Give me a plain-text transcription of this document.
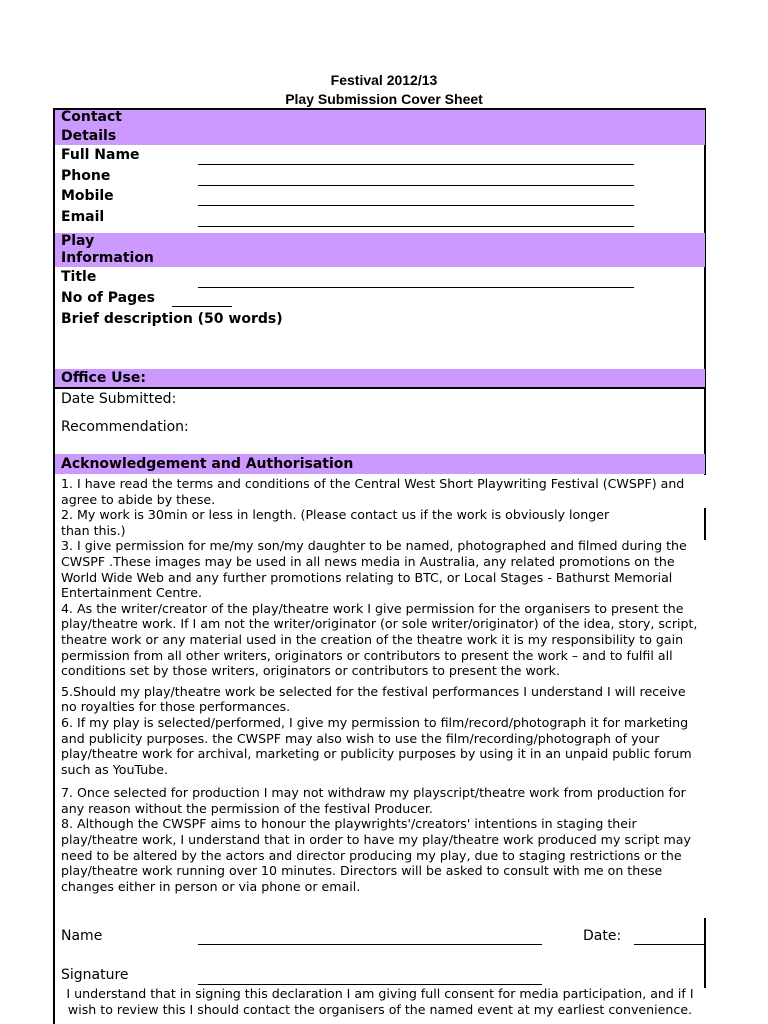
Festival 2012/13
Play Submission Cover Sheet
Contact
Details
Full Name
Phone
Mobile
Email
Play
Information
Title
No of Pages
Brief description (50 words)
Office Use:
Date Submitted:
Recommendation:
Acknowledgement and Authorisation

1. I have read the terms and conditions of the Central West Short Playwriting Festival (CWSPF) and agree to abide by these.

2. My work is 30min or less in length. (Please contact us if the work is obviously longer than this.)

3. I give permission for me/my son/my daughter to be named, photographed and filmed during the CWSPF .These images may be used in all news media in Australia, any related promotions on the World Wide Web and any further promotions relating to BTC, or Local Stages - Bathurst Memorial Entertainment Centre.

4. As the writer/creator of the play/theatre work I give permission for the organisers to present the play/theatre work. If I am not the writer/originator (or sole writer/originator) of the idea, story, script, theatre work or any material used in the creation of the theatre work it is my responsibility to gain permission from all other writers, originators or contributors to present the work – and to fulfil all conditions set by those writers, originators or contributors to present the work.

5.Should my play/theatre work be selected for the festival performances I understand I will receive no royalties for those performances.

6. If my play is selected/performed, I give my permission to film/record/photograph it for marketing and publicity purposes. the CWSPF may also wish to use the film/recording/photograph of your play/theatre work for archival, marketing or publicity purposes by using it in an unpaid public forum such as YouTube.

7. Once selected for production I may not withdraw my playscript/theatre work from production for any reason without the permission of the festival Producer.

8. Although the CWSPF aims to honour the playwrights'/creators' intentions in staging their play/theatre work, I understand that in order to have my play/theatre work produced my script may need to be altered by the actors and director producing my play, due to staging restrictions or the play/theatre work running over 10 minutes. Directors will be asked to consult with me on these changes either in person or via phone or email.

Name	Date:
Signature
I understand that in signing this declaration I am giving full consent for media participation, and if I wish to review this I should contact the organisers of the named event at my earliest convenience.
